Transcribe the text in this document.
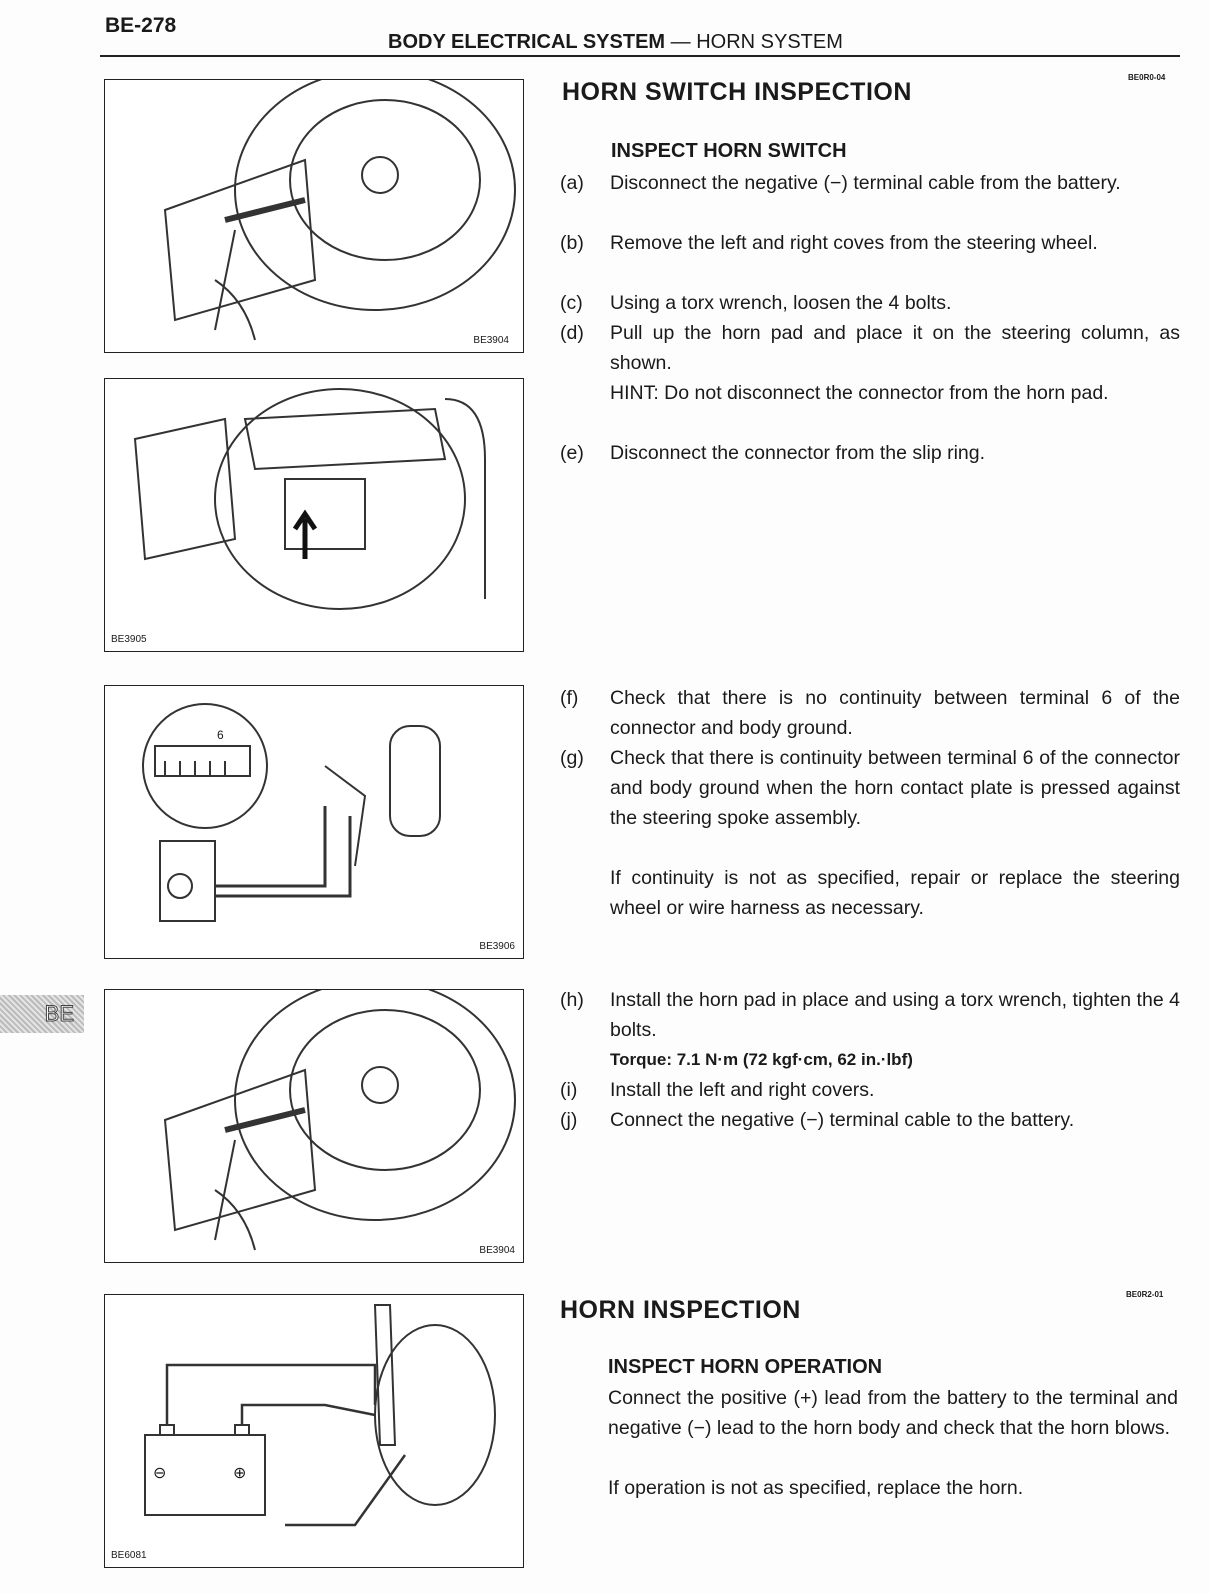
BE-278
BODY ELECTRICAL SYSTEM — HORN SYSTEM
BE
BE3904
BE3905
6
BE3906
BE3904
⊖	⊕
BE6081
HORN SWITCH INSPECTION
BE0R0-04
INSPECT HORN SWITCH
(a) Disconnect the negative (−) terminal cable from the battery.
(b) Remove the left and right coves from the steering wheel.
(c) Using a torx wrench, loosen the 4 bolts.
(d) Pull up the horn pad and place it on the steering column, as shown.
HINT: Do not disconnect the connector from the horn pad.
(e) Disconnect the connector from the slip ring.
(f) Check that there is no continuity between terminal 6 of the connector and body ground.
(g) Check that there is continuity between terminal 6 of the connector and body ground when the horn contact plate is pressed against the steering spoke assembly.
If continuity is not as specified, repair or replace the steering wheel or wire harness as necessary.
(h) Install the horn pad in place and using a torx wrench, tighten the 4 bolts.
Torque: 7.1 N·m (72 kgf·cm, 62 in.·lbf)
(i) Install the left and right covers.
(j) Connect the negative (−) terminal cable to the battery.
HORN INSPECTION
BE0R2-01
INSPECT HORN OPERATION
Connect the positive (+) lead from the battery to the terminal and negative (−) lead to the horn body and check that the horn blows.
If operation is not as specified, replace the horn.
